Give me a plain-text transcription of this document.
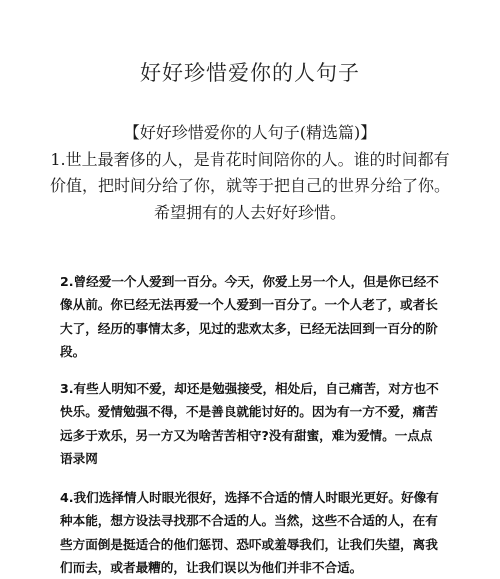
好好珍惜爱你的人句子

【好好珍惜爱你的人句子(精选篇)】

1.世上最奢侈的人，是肯花时间陪你的人。谁的时间都有价值，把时间分给了你，就等于把自己的世界分给了你。希望拥有的人去好好珍惜。

2.曾经爱一个人爱到一百分。今天，你爱上另一个人，但是你已经不像从前。你已经无法再爱一个人爱到一百分了。一个人老了，或者长大了，经历的事情太多，见过的悲欢太多，已经无法回到一百分的阶段。

3.有些人明知不爱，却还是勉强接受，相处后，自己痛苦，对方也不快乐。爱情勉强不得，不是善良就能讨好的。因为有一方不爱，痛苦远多于欢乐，另一方又为啥苦苦相守?没有甜蜜，难为爱情。一点点语录网

4.我们选择情人时眼光很好，选择不合适的情人时眼光更好。好像有种本能，想方设法寻找那不合适的人。当然，这些不合适的人，在有些方面倒是挺适合的他们惩罚、恐吓或羞辱我们，让我们失望，离我们而去，或者最糟的，让我们误以为他们并非不合适。
